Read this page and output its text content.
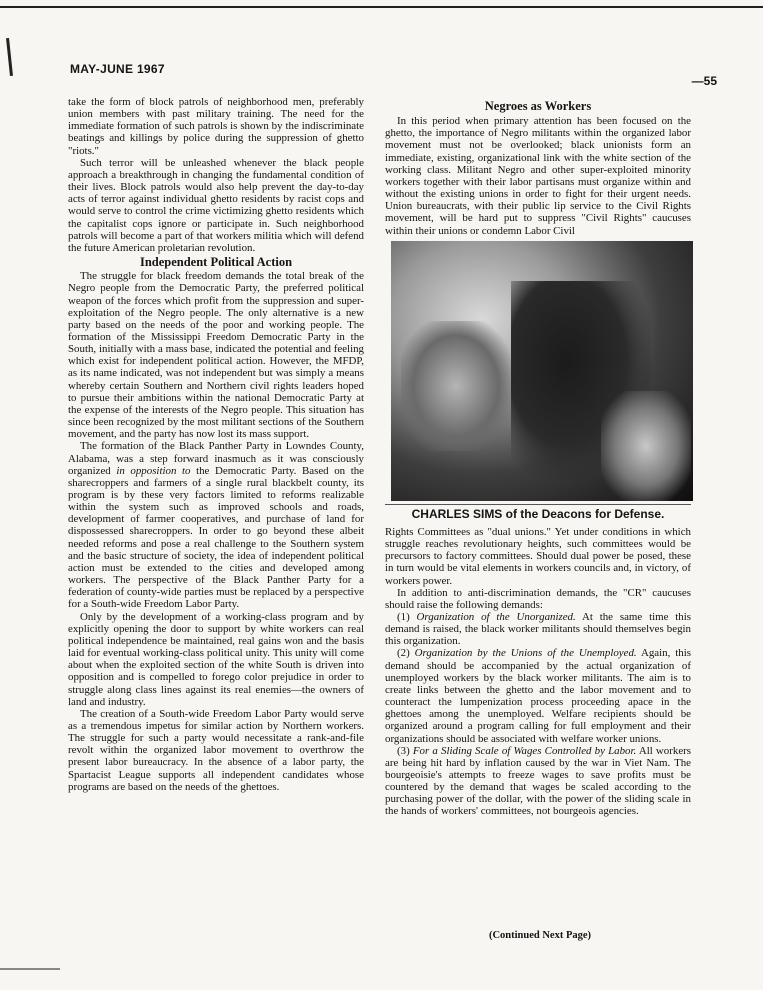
MAY-JUNE 1967
—55

take the form of block patrols of neighborhood men, preferably union members with past military training. The need for the immediate formation of such patrols is shown by the indiscriminate beatings and killings by police during the suppression of ghetto "riots."

Such terror will be unleashed whenever the black people approach a breakthrough in changing the fundamental condition of their lives. Block patrols would also help prevent the day-to-day acts of terror against individual ghetto residents by racist cops and would serve to control the crime victimizing ghetto residents which the capitalist cops ignore or participate in. Such neighborhood patrols will become a part of that workers militia which will defend the future American proletarian revolution.

Independent Political Action

The struggle for black freedom demands the total break of the Negro people from the Democratic Party, the preferred political weapon of the forces which profit from the suppression and super-exploitation of the Negro people. The only alternative is a new party based on the needs of the poor and working people. The formation of the Mississippi Freedom Democratic Party in the South, initially with a mass base, indicated the potential and feeling which exist for independent political action. However, the MFDP, as its name indicated, was not independent but was simply a means whereby certain Southern and Northern civil rights leaders hoped to pursue their ambitions within the national Democratic Party at the expense of the interests of the Negro people. This situation has since been recognized by the most militant sections of the Southern movement, and the party has now lost its mass support.

The formation of the Black Panther Party in Lowndes County, Alabama, was a step forward inasmuch as it was consciously organized in opposition to the Democratic Party. Based on the sharecroppers and farmers of a single rural blackbelt county, its program is by these very factors limited to reforms realizable within the system such as improved schools and roads, development of farmer cooperatives, and purchase of land for dispossessed sharecroppers. In order to go beyond these albeit needed reforms and pose a real challenge to the Southern system and the basic structure of society, the idea of independent political action must be extended to the cities and developed among workers. The perspective of the Black Panther Party for a federation of county-wide parties must be replaced by a perspective for a South-wide Freedom Labor Party.

Only by the development of a working-class program and by explicitly opening the door to support by white workers can real political independence be maintained, real gains won and the basis laid for eventual working-class political unity. This unity will come about when the exploited section of the white South is driven into opposition and is compelled to forego color prejudice in order to struggle along class lines against its real enemies—the owners of land and industry.

The creation of a South-wide Freedom Labor Party would serve as a tremendous impetus for similar action by Northern workers. The struggle for such a party would necessitate a rank-and-file revolt within the organized labor movement to overthrow the present labor bureaucracy. In the absence of a labor party, the Spartacist League supports all independent candidates whose programs are based on the needs of the ghettoes.

Negroes as Workers

In this period when primary attention has been focused on the ghetto, the importance of Negro militants within the organized labor movement must not be overlooked; black unionists form an immediate, existing, organizational link with the white section of the working class. Militant Negro and other super-exploited minority workers together with their labor partisans must organize within and without the existing unions in order to fight for their urgent needs. Union bureaucrats, with their public lip service to the Civil Rights movement, will be hard put to suppress "Civil Rights" caucuses within their unions or condemn Labor Civil

CHARLES SIMS of the Deacons for Defense.

Rights Committees as "dual unions." Yet under conditions in which struggle reaches revolutionary heights, such committees would be precursors to factory committees. Should dual power be posed, these in turn would be vital elements in workers councils and, in victory, of workers power.

In addition to anti-discrimination demands, the "CR" caucuses should raise the following demands:

(1) Organization of the Unorganized. At the same time this demand is raised, the black worker militants should themselves begin this organization.

(2) Organization by the Unions of the Unemployed. Again, this demand should be accompanied by the actual organization of unemployed workers by the black worker militants. The aim is to create links between the ghetto and the labor movement and to counteract the lumpenization process proceeding apace in the ghettoes among the unemployed. Welfare recipients should be organized around a program calling for full employment and their organizations should be associated with welfare worker unions.

(3) For a Sliding Scale of Wages Controlled by Labor. All workers are being hit hard by inflation caused by the war in Viet Nam. The bourgeoisie's attempts to freeze wages to save profits must be countered by the demand that wages be scaled according to the purchasing power of the dollar, with the power of the sliding scale in the hands of workers' committees, not bourgeois agencies.

(Continued Next Page)
